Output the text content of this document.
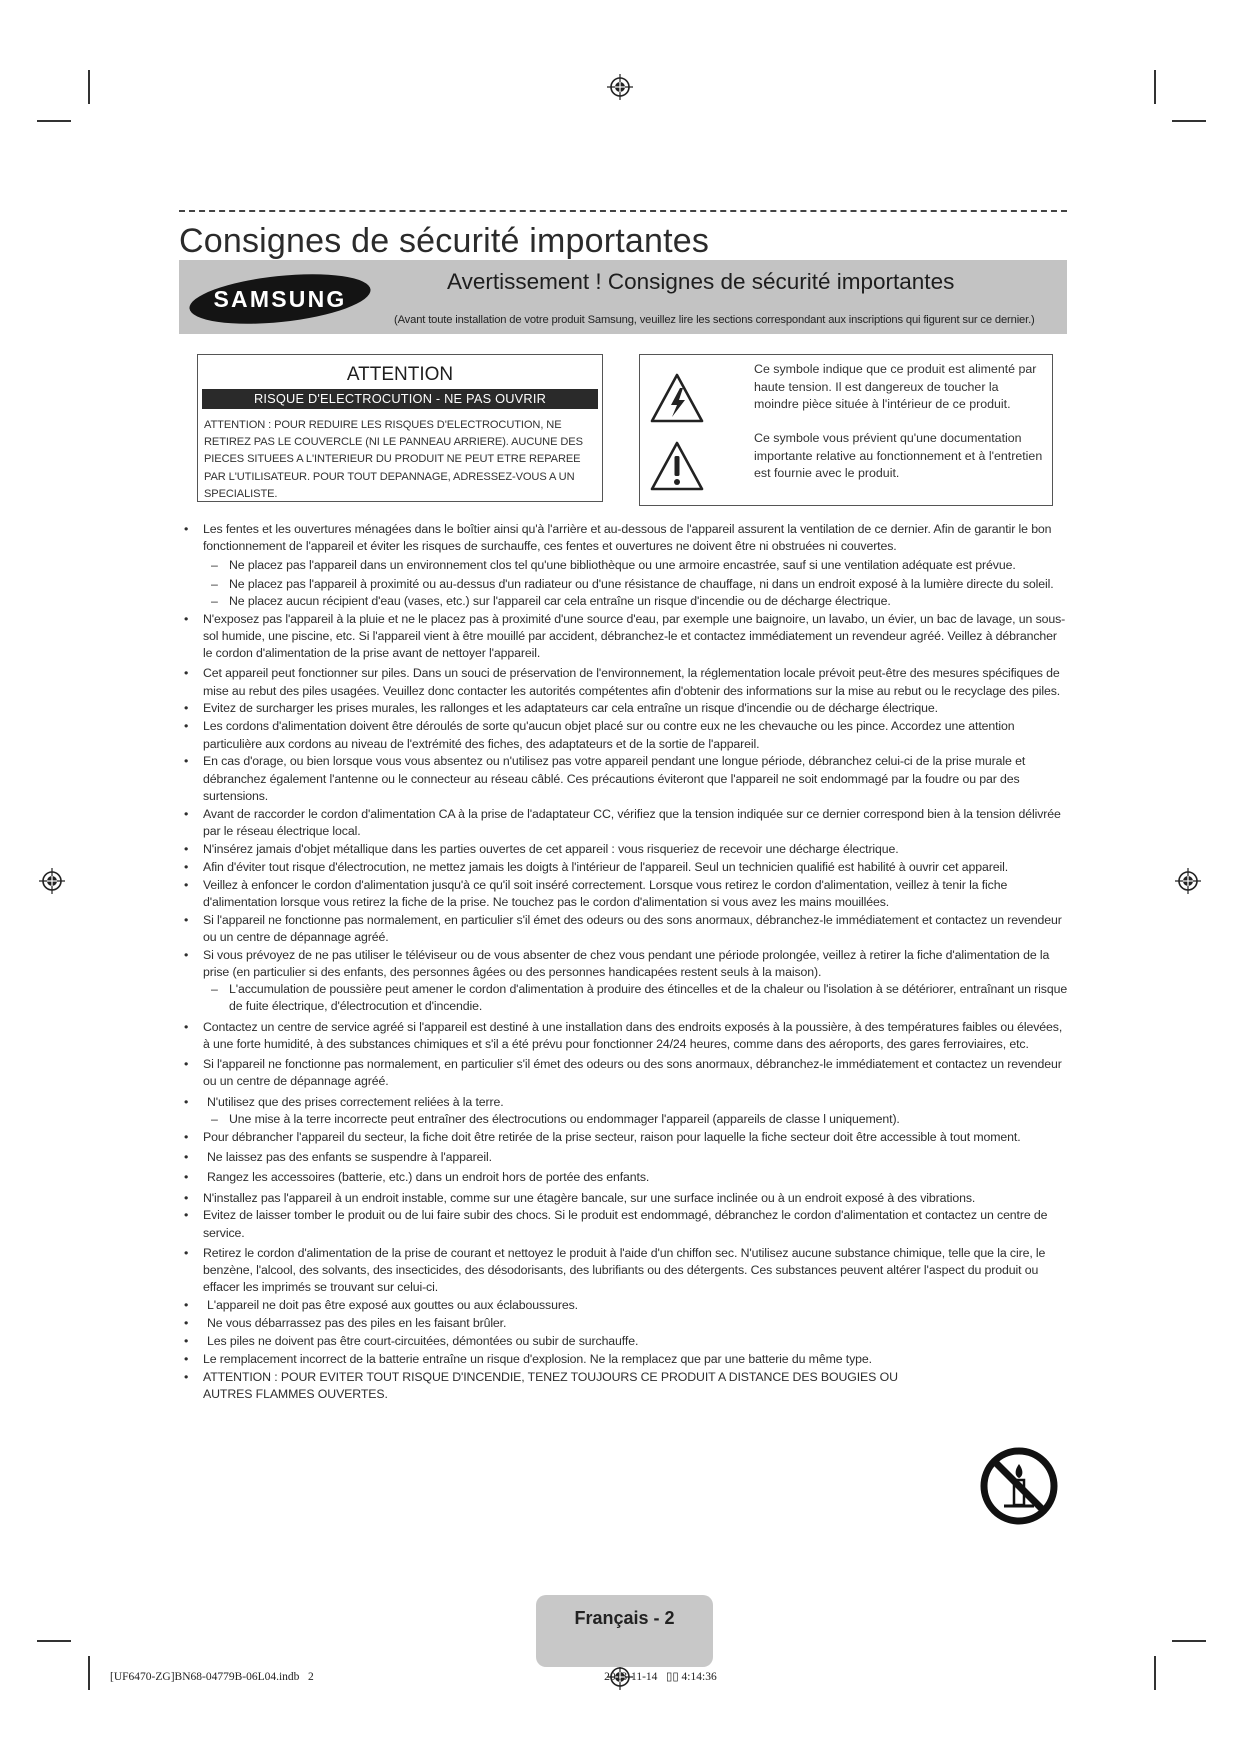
Consignes de sécurité importantes
SAMSUNG
Avertissement ! Consignes de sécurité importantes
(Avant toute installation de votre produit Samsung, veuillez lire les sections correspondant aux inscriptions qui figurent sur ce dernier.)
ATTENTION
RISQUE D'ELECTROCUTION - NE PAS OUVRIR
ATTENTION : POUR REDUIRE LES RISQUES D'ELECTROCUTION, NE RETIREZ PAS LE COUVERCLE (NI LE PANNEAU ARRIERE). AUCUNE DES PIECES SITUEES A L'INTERIEUR DU PRODUIT NE PEUT ETRE REPAREE PAR L'UTILISATEUR. POUR TOUT DEPANNAGE, ADRESSEZ-VOUS A UN SPECIALISTE.
Ce symbole indique que ce produit est alimenté par haute tension. Il est dangereux de toucher la moindre pièce située à l'intérieur de ce produit.
Ce symbole vous prévient qu'une documentation importante relative au fonctionnement et à l'entretien est fournie avec le produit.
• Les fentes et les ouvertures ménagées dans le boîtier ainsi qu'à l'arrière et au-dessous de l'appareil assurent la ventilation de ce dernier. Afin de garantir le bon fonctionnement de l'appareil et éviter les risques de surchauffe, ces fentes et ouvertures ne doivent être ni obstruées ni couvertes.
– Ne placez pas l'appareil dans un environnement clos tel qu'une bibliothèque ou une armoire encastrée, sauf si une ventilation adéquate est prévue.
– Ne placez pas l'appareil à proximité ou au-dessus d'un radiateur ou d'une résistance de chauffage, ni dans un endroit exposé à la lumière directe du soleil.
– Ne placez aucun récipient d'eau (vases, etc.) sur l'appareil car cela entraîne un risque d'incendie ou de décharge électrique.
• N'exposez pas l'appareil à la pluie et ne le placez pas à proximité d'une source d'eau, par exemple une baignoire, un lavabo, un évier, un bac de lavage, un sous-sol humide, une piscine, etc. Si l'appareil vient à être mouillé par accident, débranchez-le et contactez immédiatement un revendeur agréé. Veillez à débrancher le cordon d'alimentation de la prise avant de nettoyer l'appareil.
• Cet appareil peut fonctionner sur piles. Dans un souci de préservation de l'environnement, la réglementation locale prévoit peut-être des mesures spécifiques de mise au rebut des piles usagées. Veuillez donc contacter les autorités compétentes afin d'obtenir des informations sur la mise au rebut ou le recyclage des piles.
• Evitez de surcharger les prises murales, les rallonges et les adaptateurs car cela entraîne un risque d'incendie ou de décharge électrique.
• Les cordons d'alimentation doivent être déroulés de sorte qu'aucun objet placé sur ou contre eux ne les chevauche ou les pince. Accordez une attention particulière aux cordons au niveau de l'extrémité des fiches, des adaptateurs et de la sortie de l'appareil.
• En cas d'orage, ou bien lorsque vous vous absentez ou n'utilisez pas votre appareil pendant une longue période, débranchez celui-ci de la prise murale et débranchez également l'antenne ou le connecteur au réseau câblé. Ces précautions éviteront que l'appareil ne soit endommagé par la foudre ou par des surtensions.
• Avant de raccorder le cordon d'alimentation CA à la prise de l'adaptateur CC, vérifiez que la tension indiquée sur ce dernier correspond bien à la tension délivrée par le réseau électrique local.
• N'insérez jamais d'objet métallique dans les parties ouvertes de cet appareil : vous risqueriez de recevoir une décharge électrique.
• Afin d'éviter tout risque d'électrocution, ne mettez jamais les doigts à l'intérieur de l'appareil. Seul un technicien qualifié est habilité à ouvrir cet appareil.
• Veillez à enfoncer le cordon d'alimentation jusqu'à ce qu'il soit inséré correctement. Lorsque vous retirez le cordon d'alimentation, veillez à tenir la fiche d'alimentation lorsque vous retirez la fiche de la prise. Ne touchez pas le cordon d'alimentation si vous avez les mains mouillées.
• Si l'appareil ne fonctionne pas normalement, en particulier s'il émet des odeurs ou des sons anormaux, débranchez-le immédiatement et contactez un revendeur ou un centre de dépannage agréé.
• Si vous prévoyez de ne pas utiliser le téléviseur ou de vous absenter de chez vous pendant une période prolongée, veillez à retirer la fiche d'alimentation de la prise (en particulier si des enfants, des personnes âgées ou des personnes handicapées restent seuls à la maison).
– L'accumulation de poussière peut amener le cordon d'alimentation à produire des étincelles et de la chaleur ou l'isolation à se détériorer, entraînant un risque de fuite électrique, d'électrocution et d'incendie.
• Contactez un centre de service agréé si l'appareil est destiné à une installation dans des endroits exposés à la poussière, à des températures faibles ou élevées, à une forte humidité, à des substances chimiques et s'il a été prévu pour fonctionner 24/24 heures, comme dans des aéroports, des gares ferroviaires, etc.
• Si l'appareil ne fonctionne pas normalement, en particulier s'il émet des odeurs ou des sons anormaux, débranchez-le immédiatement et contactez un revendeur ou un centre de dépannage agréé.
• N'utilisez que des prises correctement reliées à la terre.
– Une mise à la terre incorrecte peut entraîner des électrocutions ou endommager l'appareil (appareils de classe l uniquement).
• Pour débrancher l'appareil du secteur, la fiche doit être retirée de la prise secteur, raison pour laquelle la fiche secteur doit être accessible à tout moment.
• Ne laissez pas des enfants se suspendre à l'appareil.
• Rangez les accessoires (batterie, etc.) dans un endroit hors de portée des enfants.
• N'installez pas l'appareil à un endroit instable, comme sur une étagère bancale, sur une surface inclinée ou à un endroit exposé à des vibrations.
• Evitez de laisser tomber le produit ou de lui faire subir des chocs. Si le produit est endommagé, débranchez le cordon d'alimentation et contactez un centre de service.
• Retirez le cordon d'alimentation de la prise de courant et nettoyez le produit à l'aide d'un chiffon sec. N'utilisez aucune substance chimique, telle que la cire, le benzène, l'alcool, des solvants, des insecticides, des désodorisants, des lubrifiants ou des détergents. Ces substances peuvent altérer l'aspect du produit ou effacer les imprimés se trouvant sur celui-ci.
• L'appareil ne doit pas être exposé aux gouttes ou aux éclaboussures.
• Ne vous débarrassez pas des piles en les faisant brûler.
• Les piles ne doivent pas être court-circuitées, démontées ou subir de surchauffe.
• Le remplacement incorrect de la batterie entraîne un risque d'explosion. Ne la remplacez que par une batterie du même type.
• ATTENTION : POUR EVITER TOUT RISQUE D'INCENDIE, TENEZ TOUJOURS CE PRODUIT A DISTANCE DES BOUGIES OU AUTRES FLAMMES OUVERTES.
Français - 2
[UF6470-ZG]BN68-04779B-06L04.indb   2                                                                                                     2013-11-14   ▯▯ 4:14:36
